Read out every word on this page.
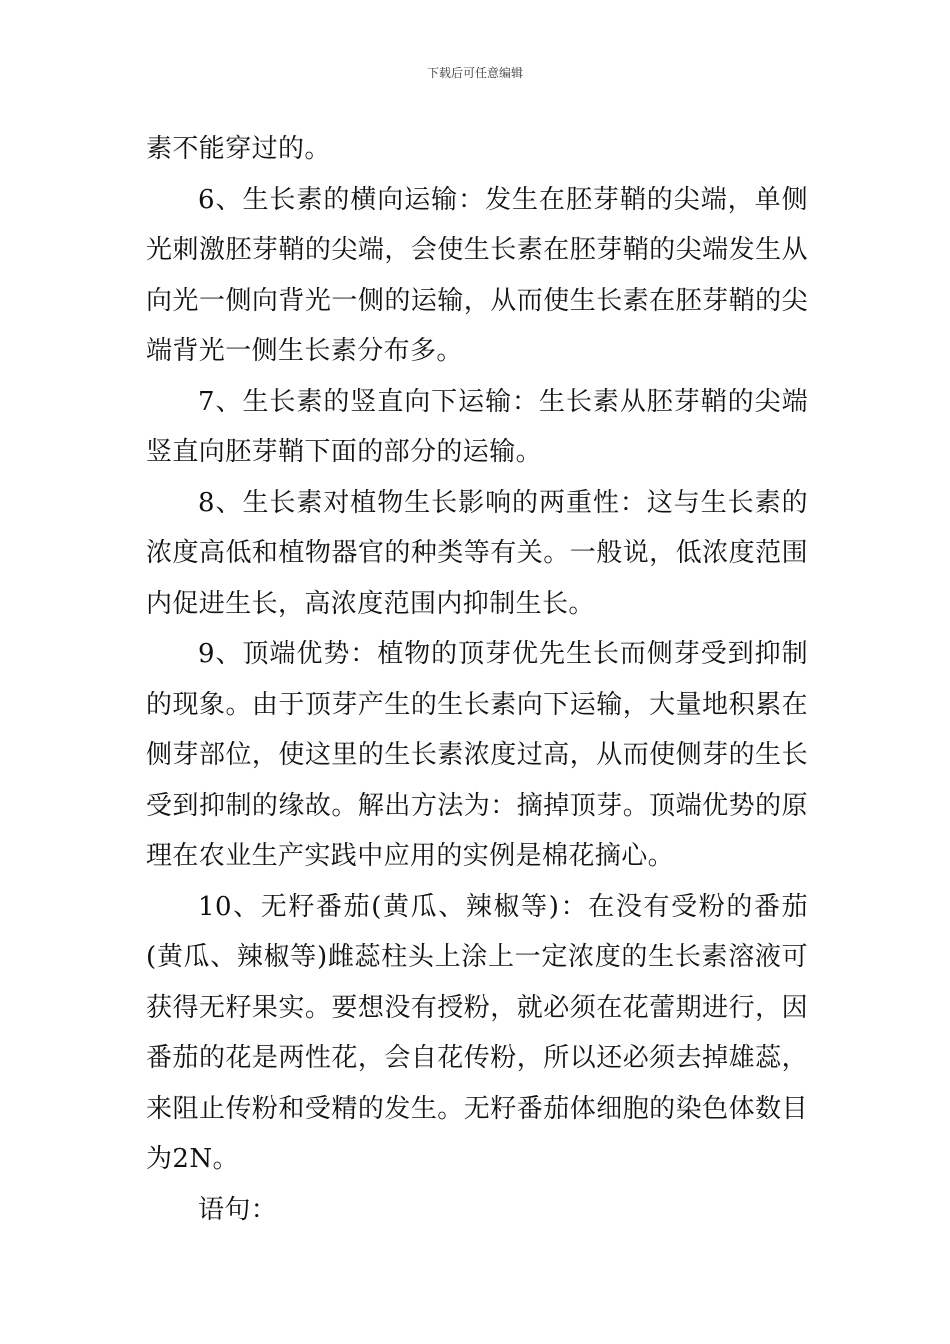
下载后可任意编辑

素不能穿过的。

6、生长素的横向运输：发生在胚芽鞘的尖端，单侧光刺激胚芽鞘的尖端，会使生长素在胚芽鞘的尖端发生从向光一侧向背光一侧的运输，从而使生长素在胚芽鞘的尖端背光一侧生长素分布多。

7、生长素的竖直向下运输：生长素从胚芽鞘的尖端竖直向胚芽鞘下面的部分的运输。

8、生长素对植物生长影响的两重性：这与生长素的浓度高低和植物器官的种类等有关。一般说，低浓度范围内促进生长，高浓度范围内抑制生长。

9、顶端优势：植物的顶芽优先生长而侧芽受到抑制的现象。由于顶芽产生的生长素向下运输，大量地积累在侧芽部位，使这里的生长素浓度过高，从而使侧芽的生长受到抑制的缘故。解出方法为：摘掉顶芽。顶端优势的原理在农业生产实践中应用的实例是棉花摘心。

10、无籽番茄(黄瓜、辣椒等)：在没有受粉的番茄(黄瓜、辣椒等)雌蕊柱头上涂上一定浓度的生长素溶液可获得无籽果实。要想没有授粉，就必须在花蕾期进行，因番茄的花是两性花，会自花传粉，所以还必须去掉雄蕊，来阻止传粉和受精的发生。无籽番茄体细胞的染色体数目为2N。

语句：
